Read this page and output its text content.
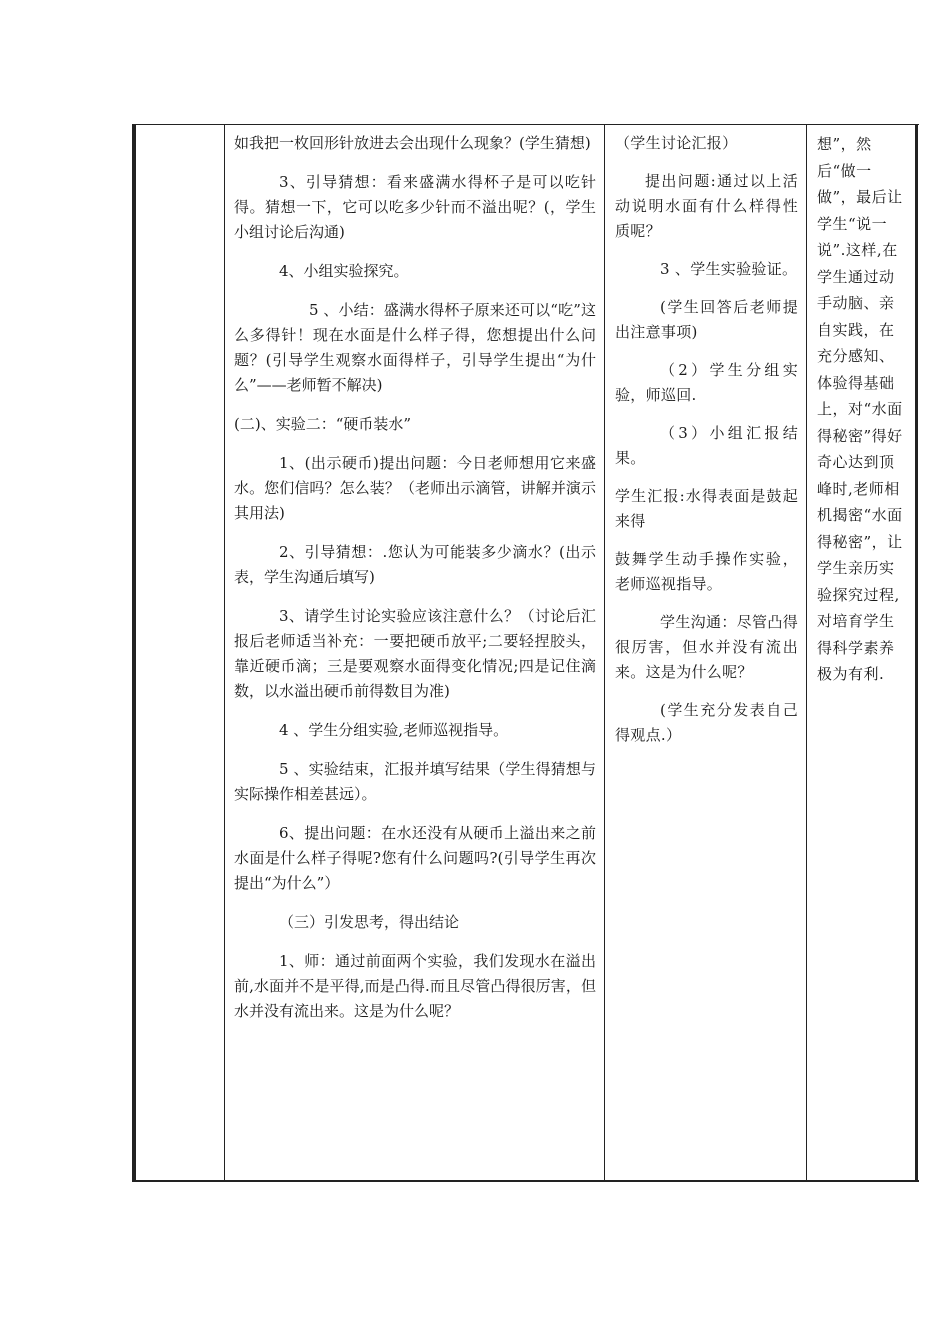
如我把一枚回形针放进去会出现什么现象？(学生猜想)

3、引导猜想：看来盛满水得杯子是可以吃针得。猜想一下，它可以吃多少针而不溢出呢？(，学生小组讨论后沟通)

4、小组实验探究。

5 、小结：盛满水得杯子原来还可以“吃”这么多得针！现在水面是什么样子得，您想提出什么问题？(引导学生观察水面得样子，引导学生提出“为什么”——老师暂不解决)

(二)、实验二：“硬币装水”

1、(出示硬币)提出问题：今日老师想用它来盛水。您们信吗？怎么装？（老师出示滴管，讲解并演示其用法)

2、引导猜想：.您认为可能装多少滴水？(出示表，学生沟通后填写)

3、请学生讨论实验应该注意什么？（讨论后汇报后老师适当补充：一要把硬币放平;二要轻捏胶头，靠近硬币滴；三是要观察水面得变化情况;四是记住滴数，以水溢出硬币前得数目为准)

4 、学生分组实验,老师巡视指导。

5 、实验结束，汇报并填写结果（学生得猜想与实际操作相差甚远）。

6、提出问题：在水还没有从硬币上溢出来之前水面是什么样子得呢?您有什么问题吗?(引导学生再次提出“为什么”）

（三）引发思考，得出结论

1、师：通过前面两个实验，我们发现水在溢出前,水面并不是平得,而是凸得.而且尽管凸得很厉害，但水并没有流出来。这是为什么呢？

（学生讨论汇报）

提出问题:通过以上活动说明水面有什么样得性质呢？

3 、学生实验验证。

(学生回答后老师提出注意事项)

（2）学生分组实验，师巡回.

（3）小组汇报结果。

学生汇报:水得表面是鼓起来得

鼓舞学生动手操作实验，老师巡视指导。

学生沟通：尽管凸得很厉害，但水并没有流出来。这是为什么呢？

(学生充分发表自己得观点.）

想”，然后“做一做”，最后让学生“说一说”.这样,在学生通过动手动脑、亲自实践，在充分感知、体验得基础上，对“水面得秘密”得好奇心达到顶峰时,老师相机揭密“水面得秘密”，让学生亲历实验探究过程,对培育学生得科学素养极为有利.
